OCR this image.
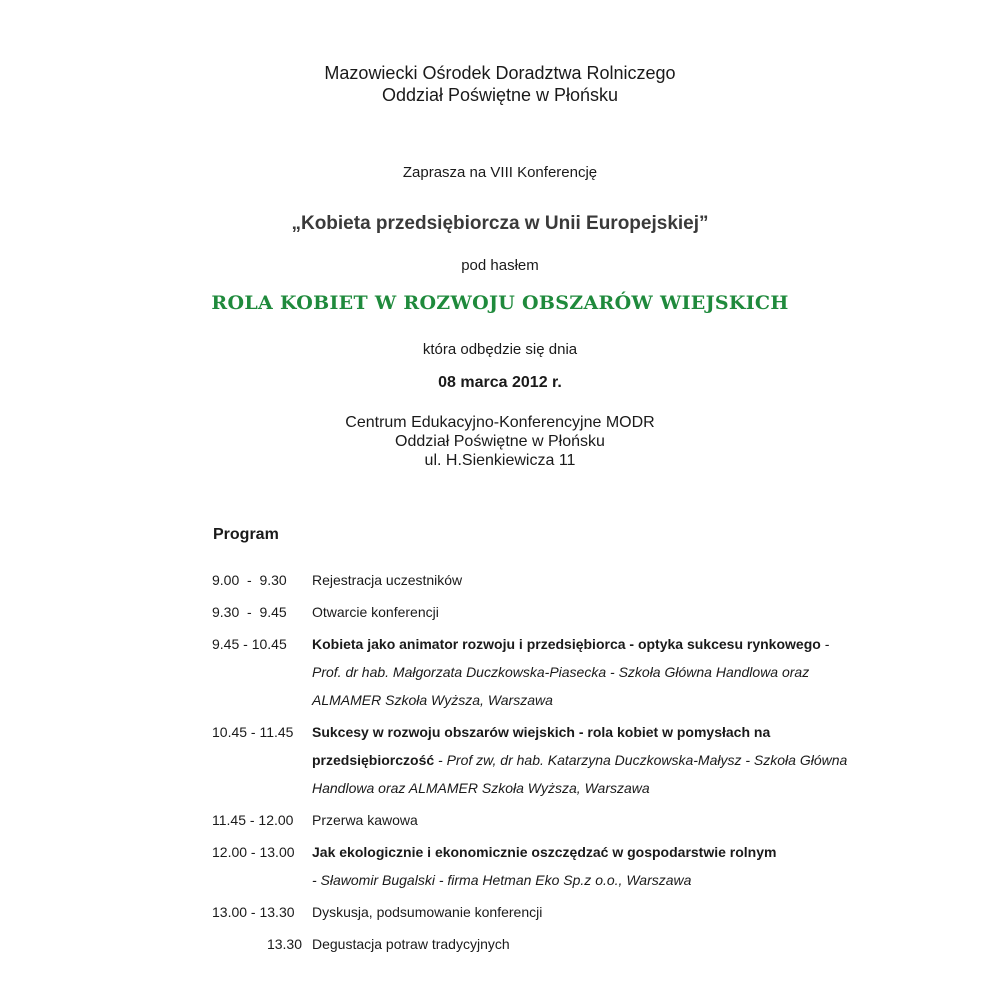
Mazowiecki Ośrodek Doradztwa Rolniczego
Oddział Poświętne w Płońsku
Zaprasza na VIII Konferencję
„Kobieta przedsiębiorcza w Unii Europejskiej”
pod hasłem
ROLA KOBIET W ROZWOJU OBSZARÓW WIEJSKICH
która odbędzie się dnia
08 marca 2012 r.
Centrum Edukacyjno-Konferencyjne MODR
Oddział Poświętne w Płońsku
ul. H.Sienkiewicza 11
Program
9.00  -  9.30	Rejestracja uczestników
9.30  -  9.45	Otwarcie konferencji
9.45 - 10.45	Kobieta jako animator rozwoju i przedsiębiorca - optyka sukcesu rynkowego - Prof. dr hab. Małgorzata Duczkowska-Piasecka - Szkoła Główna Handlowa oraz ALMAMER Szkoła Wyższa, Warszawa
10.45 - 11.45	Sukcesy w rozwoju obszarów wiejskich - rola kobiet w pomysłach na przedsiębiorczość - Prof zw, dr hab. Katarzyna Duczkowska-Małysz - Szkoła Główna Handlowa oraz ALMAMER Szkoła Wyższa, Warszawa
11.45 - 12.00	Przerwa kawowa
12.00 - 13.00	Jak ekologicznie i ekonomicznie oszczędzać w gospodarstwie rolnym
- Sławomir Bugalski - firma Hetman Eko Sp.z o.o., Warszawa
13.00 - 13.30	Dyskusja, podsumowanie konferencji
13.30 Degustacja potraw tradycyjnych
